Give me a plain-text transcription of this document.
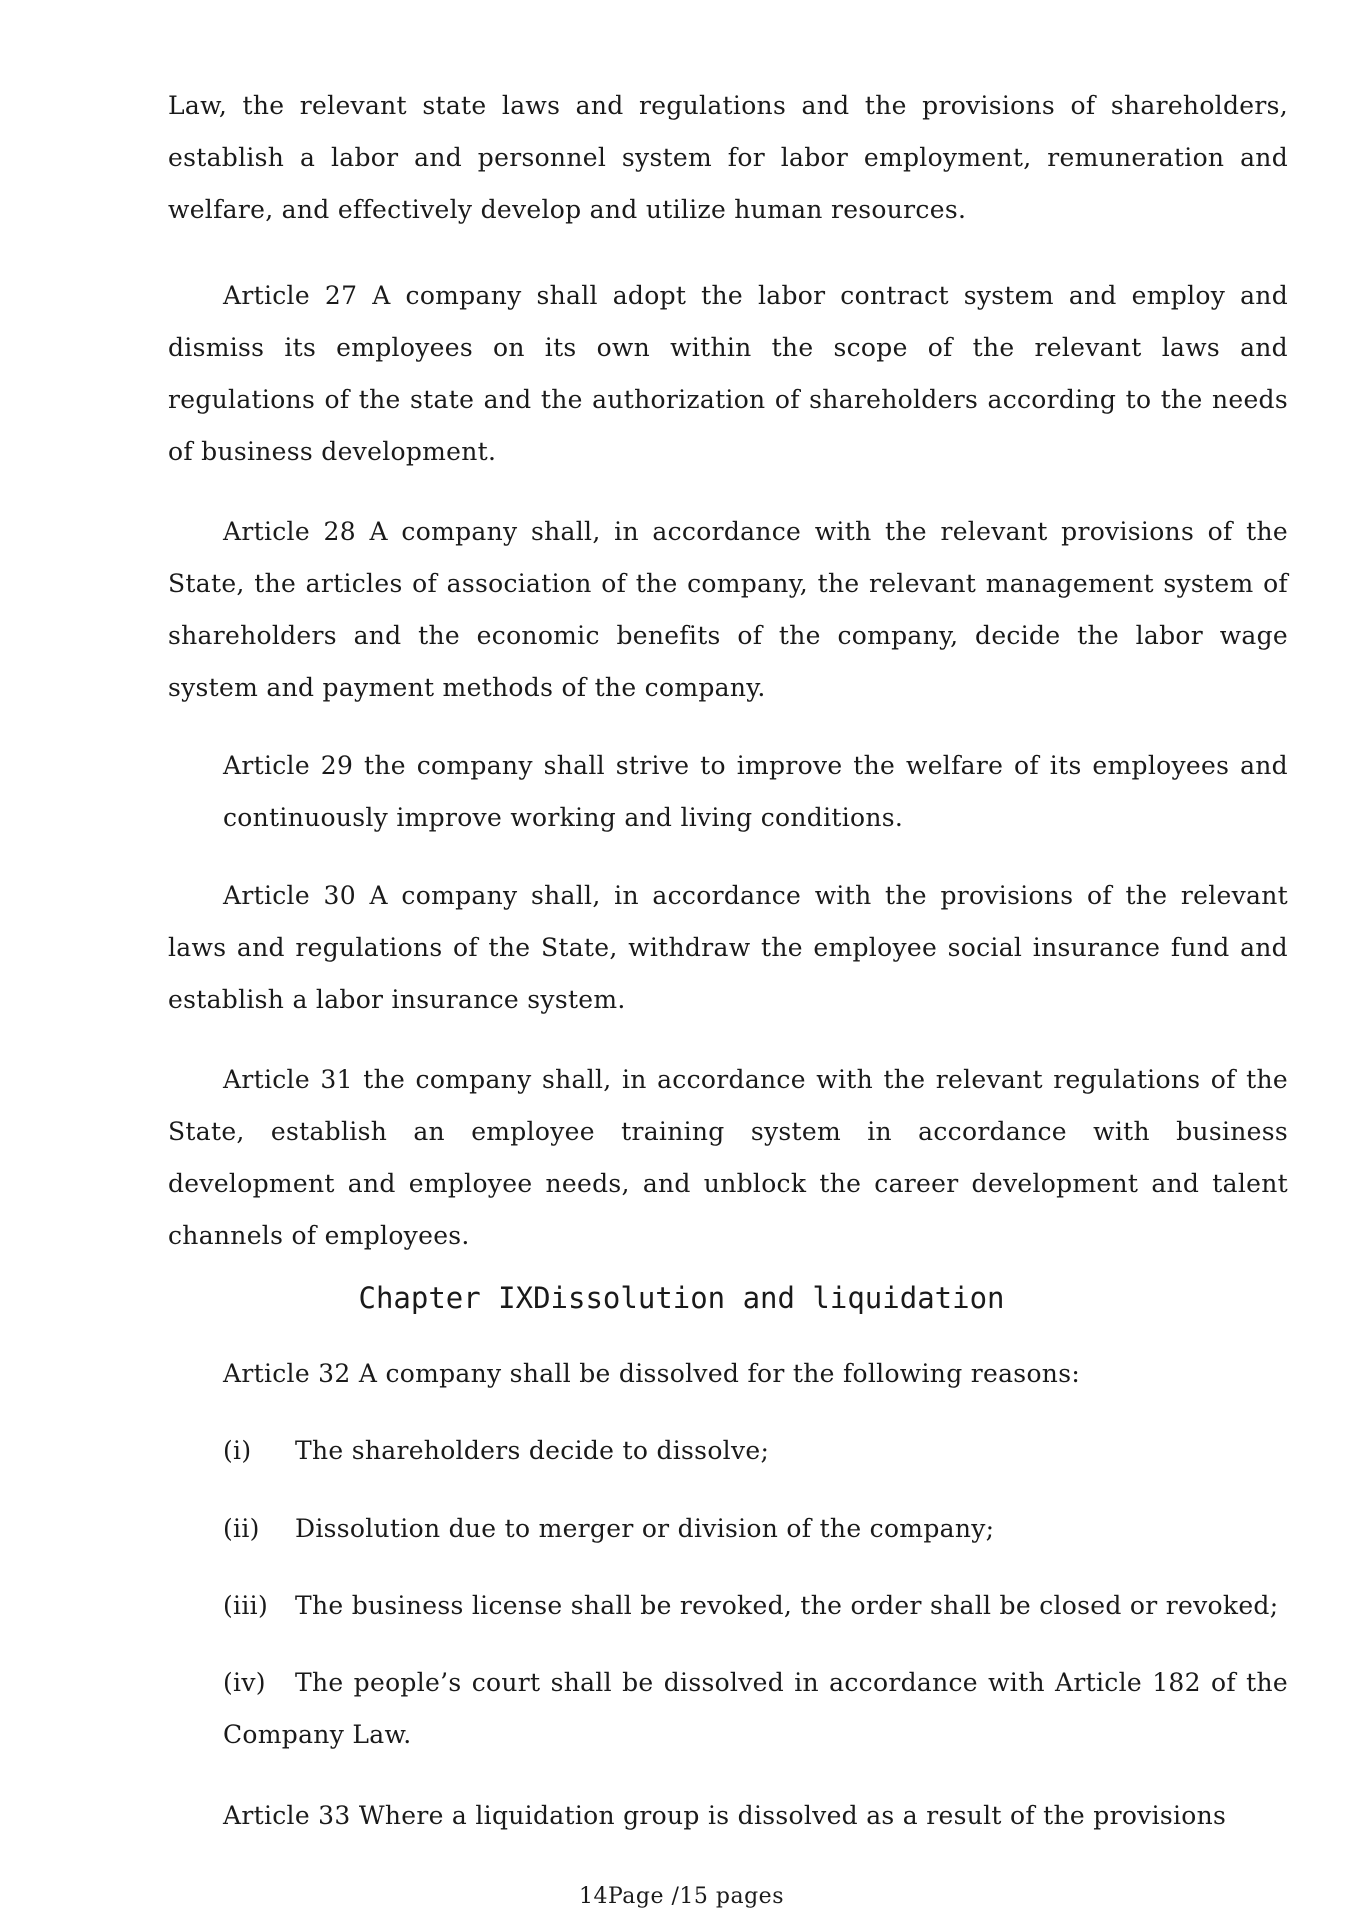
Law, the relevant state laws and regulations and the provisions of shareholders, establish a labor and personnel system for labor employment, remuneration and welfare, and effectively develop and utilize human resources.

Article 27 A company shall adopt the labor contract system and employ and dismiss its employees on its own within the scope of the relevant laws and regulations of the state and the authorization of shareholders according to the needs of business development.

Article 28 A company shall, in accordance with the relevant provisions of the State, the articles of association of the company, the relevant management system of shareholders and the economic benefits of the company, decide the labor wage system and payment methods of the company.

Article 29 the company shall strive to improve the welfare of its employees and continuously improve working and living conditions.

Article 30 A company shall, in accordance with the provisions of the relevant laws and regulations of the State, withdraw the employee social insurance fund and establish a labor insurance system.

Article 31 the company shall, in accordance with the relevant regulations of the State, establish an employee training system in accordance with business development and employee needs, and unblock the career development and talent channels of employees.

Chapter IXDissolution and liquidation

Article 32 A company shall be dissolved for the following reasons:

(i) The shareholders decide to dissolve;

(ii) Dissolution due to merger or division of the company;

(iii) The business license shall be revoked, the order shall be closed or revoked;

(iv) The people’s court shall be dissolved in accordance with Article 182 of the Company Law.

Article 33 Where a liquidation group is dissolved as a result of the provisions

14Page /15 pages
